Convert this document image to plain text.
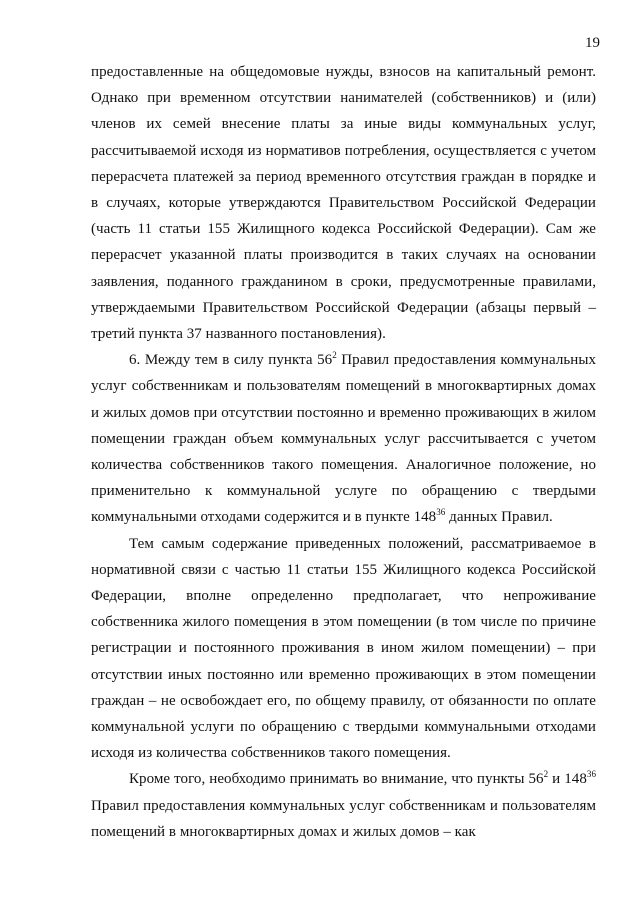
19

предоставленные на общедомовые нужды, взносов на капитальный ремонт. Однако при временном отсутствии нанимателей (собственников) и (или) членов их семей внесение платы за иные виды коммунальных услуг, рассчитываемой исходя из нормативов потребления, осуществляется с учетом перерасчета платежей за период временного отсутствия граждан в порядке и в случаях, которые утверждаются Правительством Российской Федерации (часть 11 статьи 155 Жилищного кодекса Российской Федерации). Сам же перерасчет указанной платы производится в таких случаях на основании заявления, поданного гражданином в сроки, предусмотренные правилами, утверждаемыми Правительством Российской Федерации (абзацы первый – третий пункта 37 названного постановления).

6. Между тем в силу пункта $56^2$ Правил предоставления коммунальных услуг собственникам и пользователям помещений в многоквартирных домах и жилых домов при отсутствии постоянно и временно проживающих в жилом помещении граждан объем коммунальных услуг рассчитывается с учетом количества собственников такого помещения. Аналогичное положение, но применительно к коммунальной услуге по обращению с твердыми коммунальными отходами содержится и в пункте $148^{36}$ данных Правил.

Тем самым содержание приведенных положений, рассматриваемое в нормативной связи с частью 11 статьи 155 Жилищного кодекса Российской Федерации, вполне определенно предполагает, что непроживание собственника жилого помещения в этом помещении (в том числе по причине регистрации и постоянного проживания в ином жилом помещении) – при отсутствии иных постоянно или временно проживающих в этом помещении граждан – не освобождает его, по общему правилу, от обязанности по оплате коммунальной услуги по обращению с твердыми коммунальными отходами исходя из количества собственников такого помещения.

Кроме того, необходимо принимать во внимание, что пункты $56^2$ и $148^{36}$ Правил предоставления коммунальных услуг собственникам и пользователям помещений в многоквартирных домах и жилых домов – как
